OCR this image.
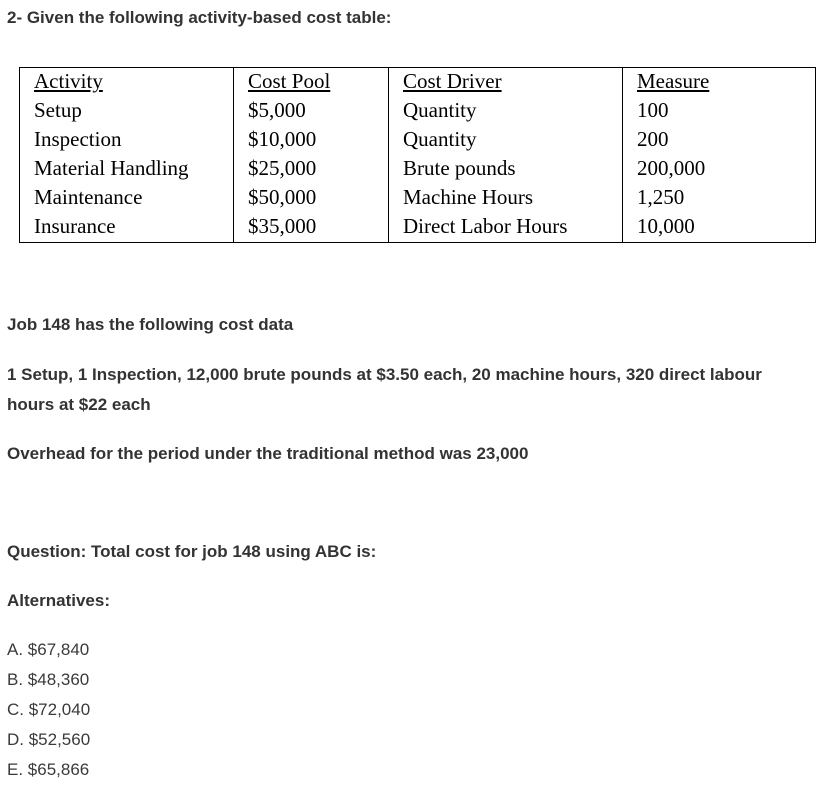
2- Given the following activity-based cost table:

Activity	Cost Pool	Cost Driver	Measure
Setup	$5,000	Quantity	100
Inspection	$10,000	Quantity	200
Material Handling	$25,000	Brute pounds	200,000
Maintenance	$50,000	Machine Hours	1,250
Insurance	$35,000	Direct Labor Hours	10,000

Job 148 has the following cost data

1 Setup, 1 Inspection, 12,000 brute pounds at $3.50 each, 20 machine hours, 320 direct labour hours at $22 each

Overhead for the period under the traditional method was 23,000

Question: Total cost for job 148 using ABC is:

Alternatives:

A. $67,840
B. $48,360
C. $72,040
D. $52,560
E. $65,866
